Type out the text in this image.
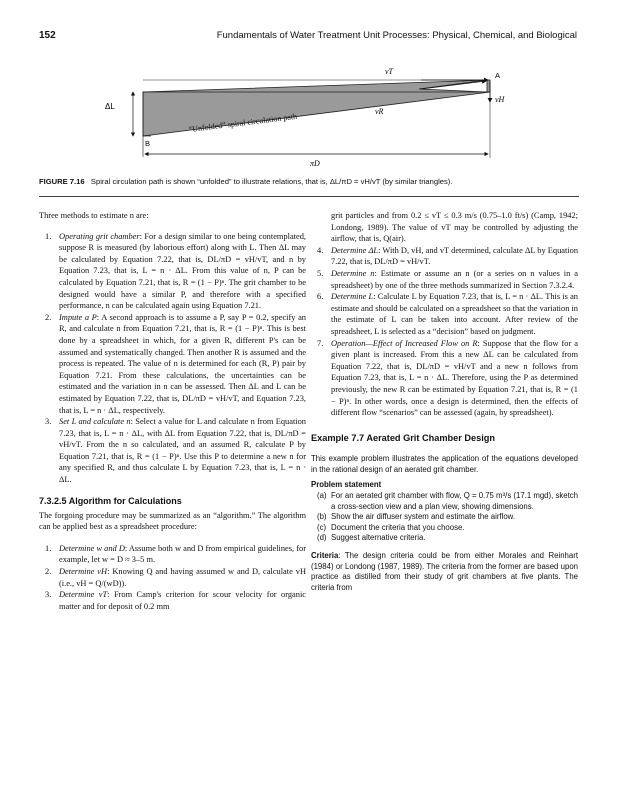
152	Fundamentals of Water Treatment Unit Processes: Physical, Chemical, and Biological
vT	A
vH
vR
ΔL
B
πD
“Unfolded” spiral circulation path
FIGURE 7.16 Spiral circulation path is shown “unfolded” to illustrate relations, that is, ΔL/πD = vH/vT (by similar triangles).

Three methods to estimate n are:

1. Operating grit chamber: For a design similar to one being contemplated, suppose R is measured (by laborious effort) along with L. Then ΔL may be calculated by Equation 7.22, that is, DL/πD = vH/vT, and n by Equation 7.23, that is, L = n · ΔL. From this value of n, P can be calculated by Equation 7.21, that is, R = (1 − P)ⁿ. The grit chamber to be designed would have a similar P, and therefore with a specified performance, n can be calculated again using Equation 7.21.
2. Impute a P: A second approach is to assume a P, say P = 0.2, specify an R, and calculate n from Equation 7.21, that is, R = (1 − P)ⁿ. This is best done by a spreadsheet in which, for a given R, different P's can be assumed and systematically changed. Then another R is assumed and the process is repeated. The value of n is determined for each (R, P) pair by Equation 7.21. From these calculations, the uncertainties can be estimated and the variation in n can be assessed. Then ΔL and L can be estimated by Equation 7.22, that is, DL/πD = vH/vT, and Equation 7.23, that is, L = n · ΔL, respectively.
3. Set L and calculate n: Select a value for L and calculate n from Equation 7.23, that is, L = n · ΔL, with ΔL from Equation 7.22, that is, DL/πD = vH/vT. From the n so calculated, and an assumed R, calculate P by Equation 7.21, that is, R = (1 − P)ⁿ. Use this P to determine a new n for any specified R, and thus calculate L by Equation 7.23, that is, L = n · ΔL.
7.3.2.5 Algorithm for Calculations

The forgoing procedure may be summarized as an “algorithm.” The algorithm can be applied best as a spreadsheet procedure:

1. Determine w and D: Assume both w and D from empirical guidelines, for example, let w = D ≈ 3–5 m.
2. Determine vH: Knowing Q and having assumed w and D, calculate vH (i.e., vH = Q/(wD)).
3. Determine vT: From Camp's criterion for scour velocity for organic matter and for deposit of 0.2 mm

grit particles and from 0.2 ≤ vT ≤ 0.3 m/s (0.75–1.0 ft/s) (Camp, 1942; Londong, 1989). The value of vT may be controlled by adjusting the airflow, that is, Q(air).

4. Determine ΔL: With D, vH, and vT determined, calculate ΔL by Equation 7.22, that is, DL/πD = vH/vT.
5. Determine n: Estimate or assume an n (or a series on n values in a spreadsheet) by one of the three methods summarized in Section 7.3.2.4.
6. Determine L: Calculate L by Equation 7.23, that is, L = n · ΔL. This is an estimate and should be calculated on a spreadsheet so that the variation in the estimate of L can be taken into account. After review of the spreadsheet, L is selected as a “decision” based on judgment.
7. Operation—Effect of Increased Flow on R: Suppose that the flow for a given plant is increased. From this a new ΔL can be calculated from Equation 7.22, that is, DL/πD = vH/vT and a new n follows from Equation 7.23, that is, L = n · ΔL. Therefore, using the P as determined previously, the new R can be estimated by Equation 7.21, that is, R = (1 − P)ⁿ. In other words, once a design is determined, then the effects of different flow “scenarios” can be assessed (again, by spreadsheet).
Example 7.7 Aerated Grit Chamber Design

This example problem illustrates the application of the equations developed in the rational design of an aerated grit chamber.

Problem statement
(a) For an aerated grit chamber with flow, Q = 0.75 m³/s (17.1 mgd), sketch a cross-section view and a plan view, showing dimensions.
(b) Show the air diffuser system and estimate the airflow.
(c) Document the criteria that you choose.
(d) Suggest alternative criteria.

Criteria: The design criteria could be from either Morales and Reinhart (1984) or Londong (1987, 1989). The criteria from the former are based upon practice as distilled from their study of grit chambers at five plants. The criteria from
